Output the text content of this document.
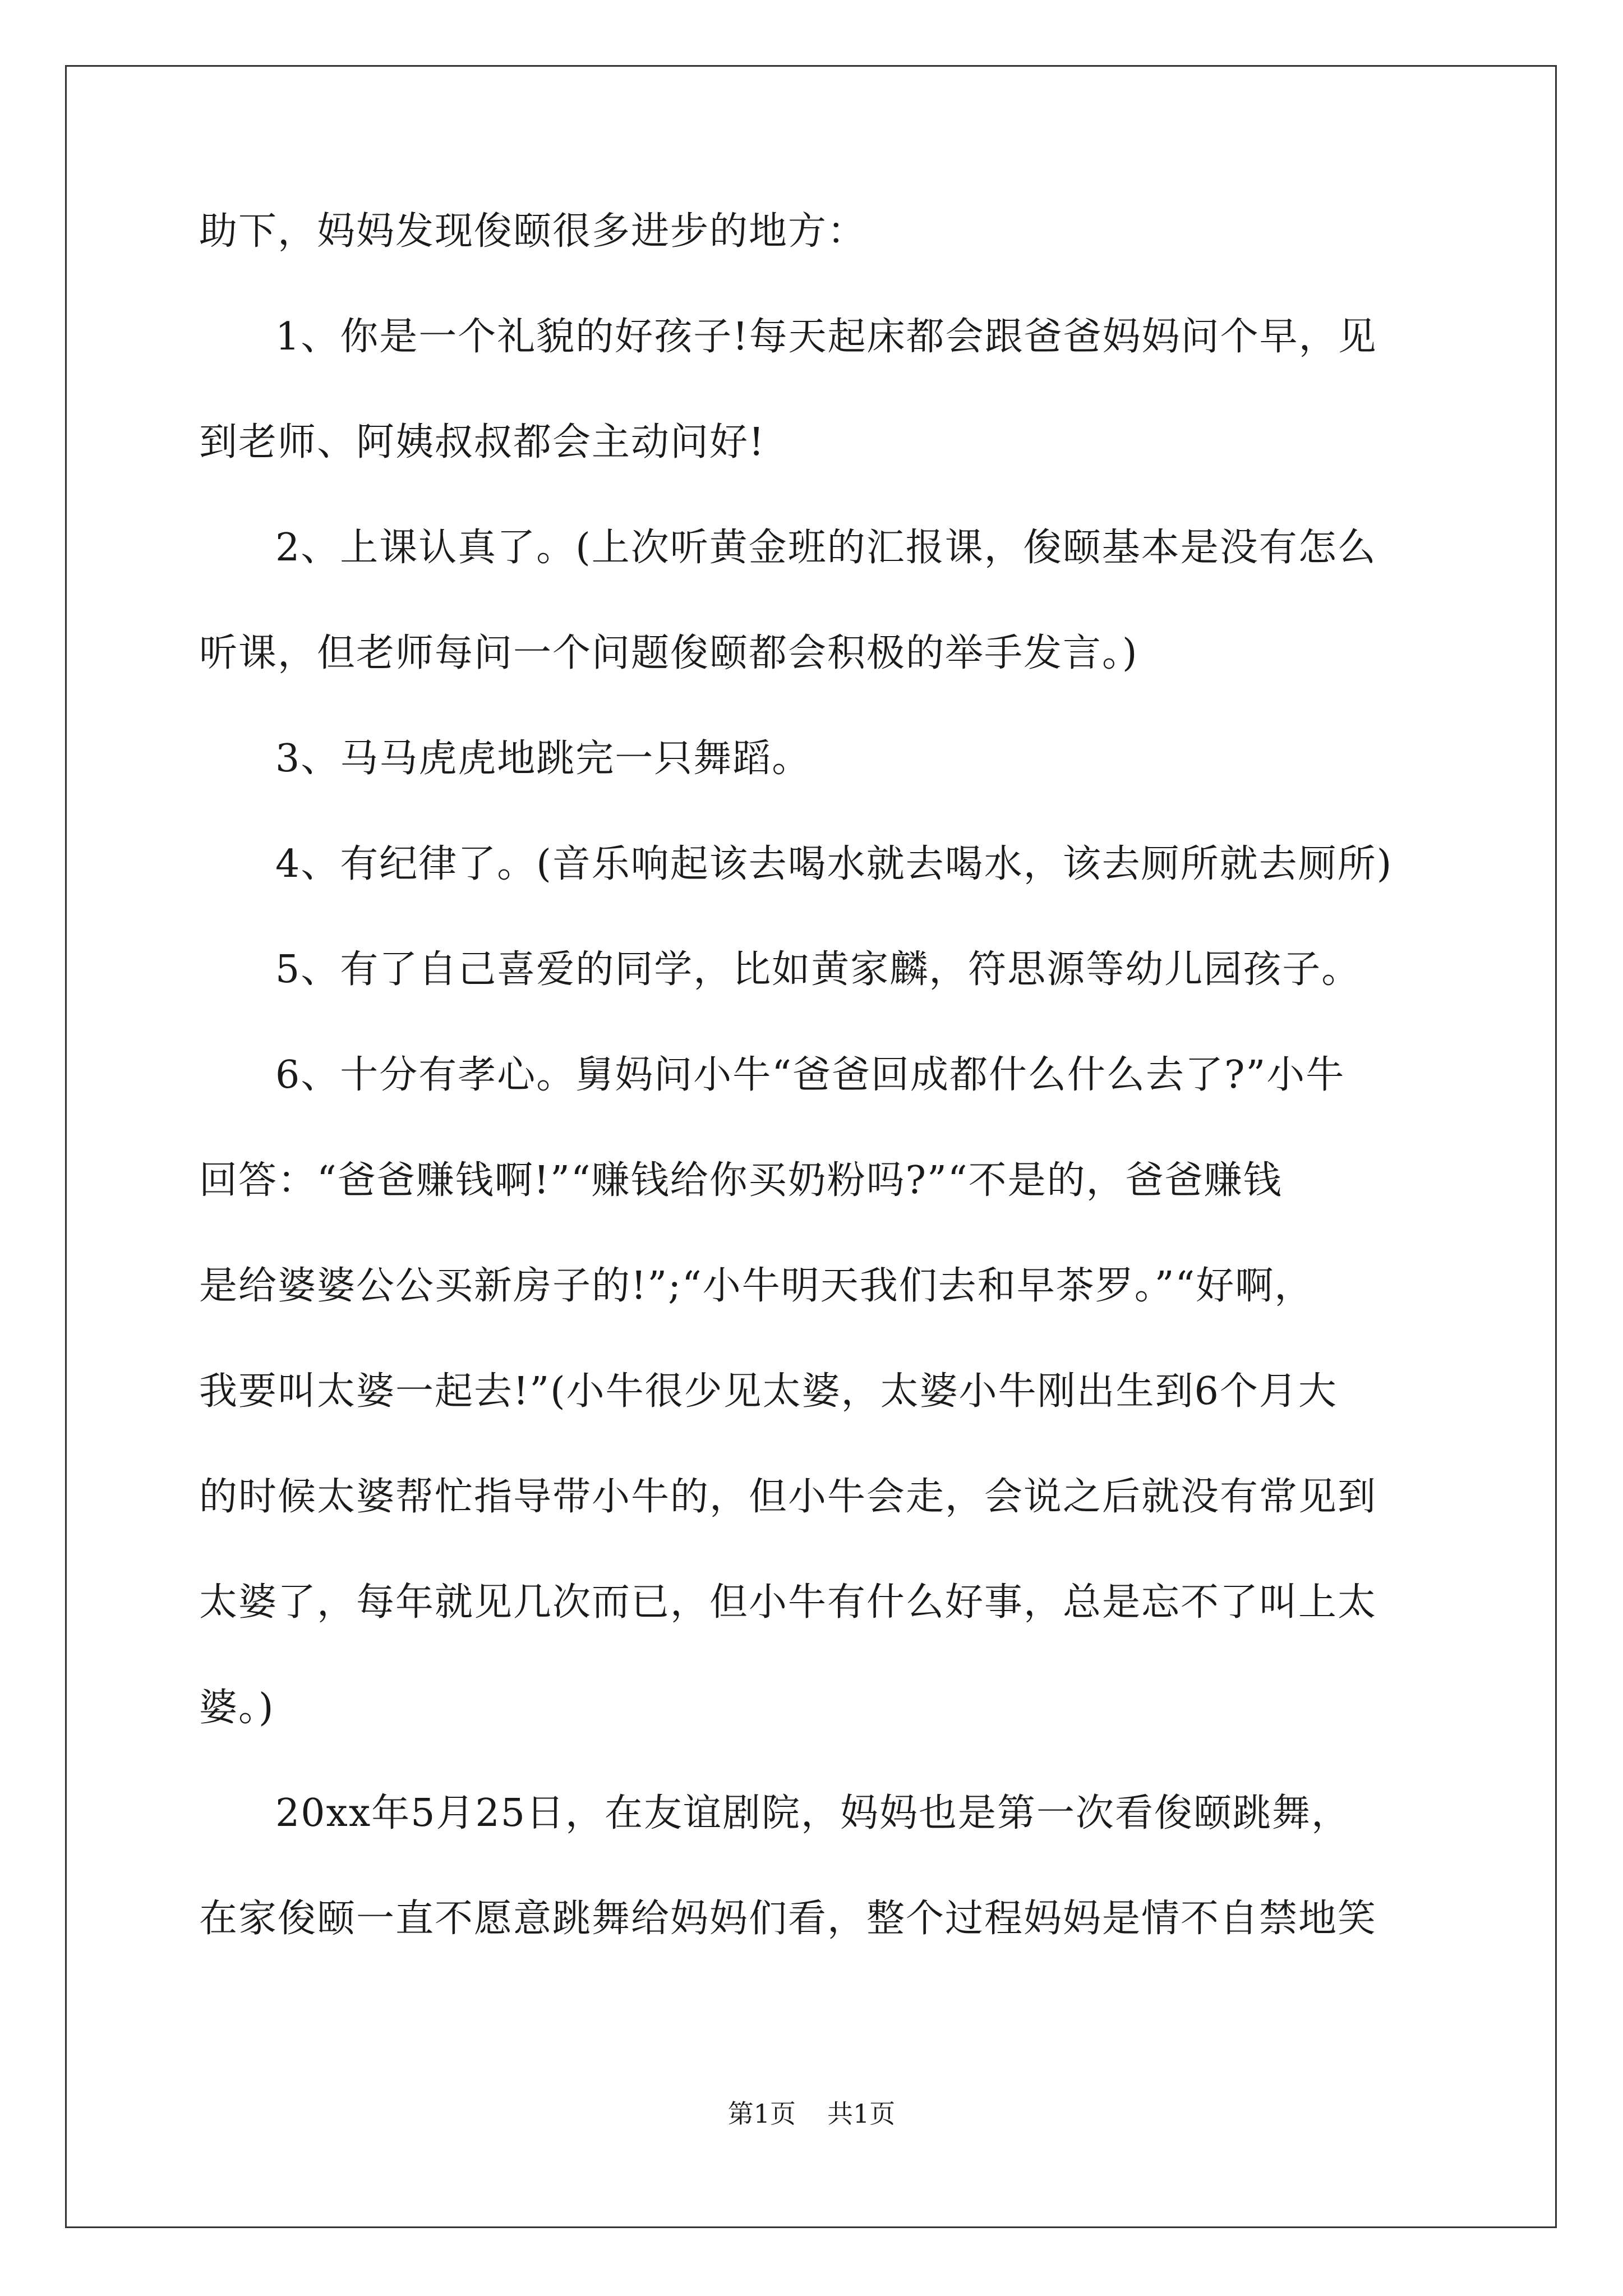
助下，妈妈发现俊颐很多进步的地方：

1、你是一个礼貌的好孩子!每天起床都会跟爸爸妈妈问个早，见

到老师、阿姨叔叔都会主动问好!

2、上课认真了。(上次听黄金班的汇报课，俊颐基本是没有怎么

听课，但老师每问一个问题俊颐都会积极的举手发言。)

3、马马虎虎地跳完一只舞蹈。

4、有纪律了。(音乐响起该去喝水就去喝水，该去厕所就去厕所)

5、有了自己喜爱的同学，比如黄家麟，符思源等幼儿园孩子。

6、十分有孝心。舅妈问小牛“爸爸回成都什么什么去了?”小牛

回答：“爸爸赚钱啊!”“赚钱给你买奶粉吗?”“不是的，爸爸赚钱

是给婆婆公公买新房子的!”;“小牛明天我们去和早茶罗。”“好啊，

我要叫太婆一起去!”(小牛很少见太婆，太婆小牛刚出生到6个月大

的时候太婆帮忙指导带小牛的，但小牛会走，会说之后就没有常见到

太婆了，每年就见几次而已，但小牛有什么好事，总是忘不了叫上太

婆。)

20xx年5月25日，在友谊剧院，妈妈也是第一次看俊颐跳舞，

在家俊颐一直不愿意跳舞给妈妈们看，整个过程妈妈是情不自禁地笑

第1页 共1页
